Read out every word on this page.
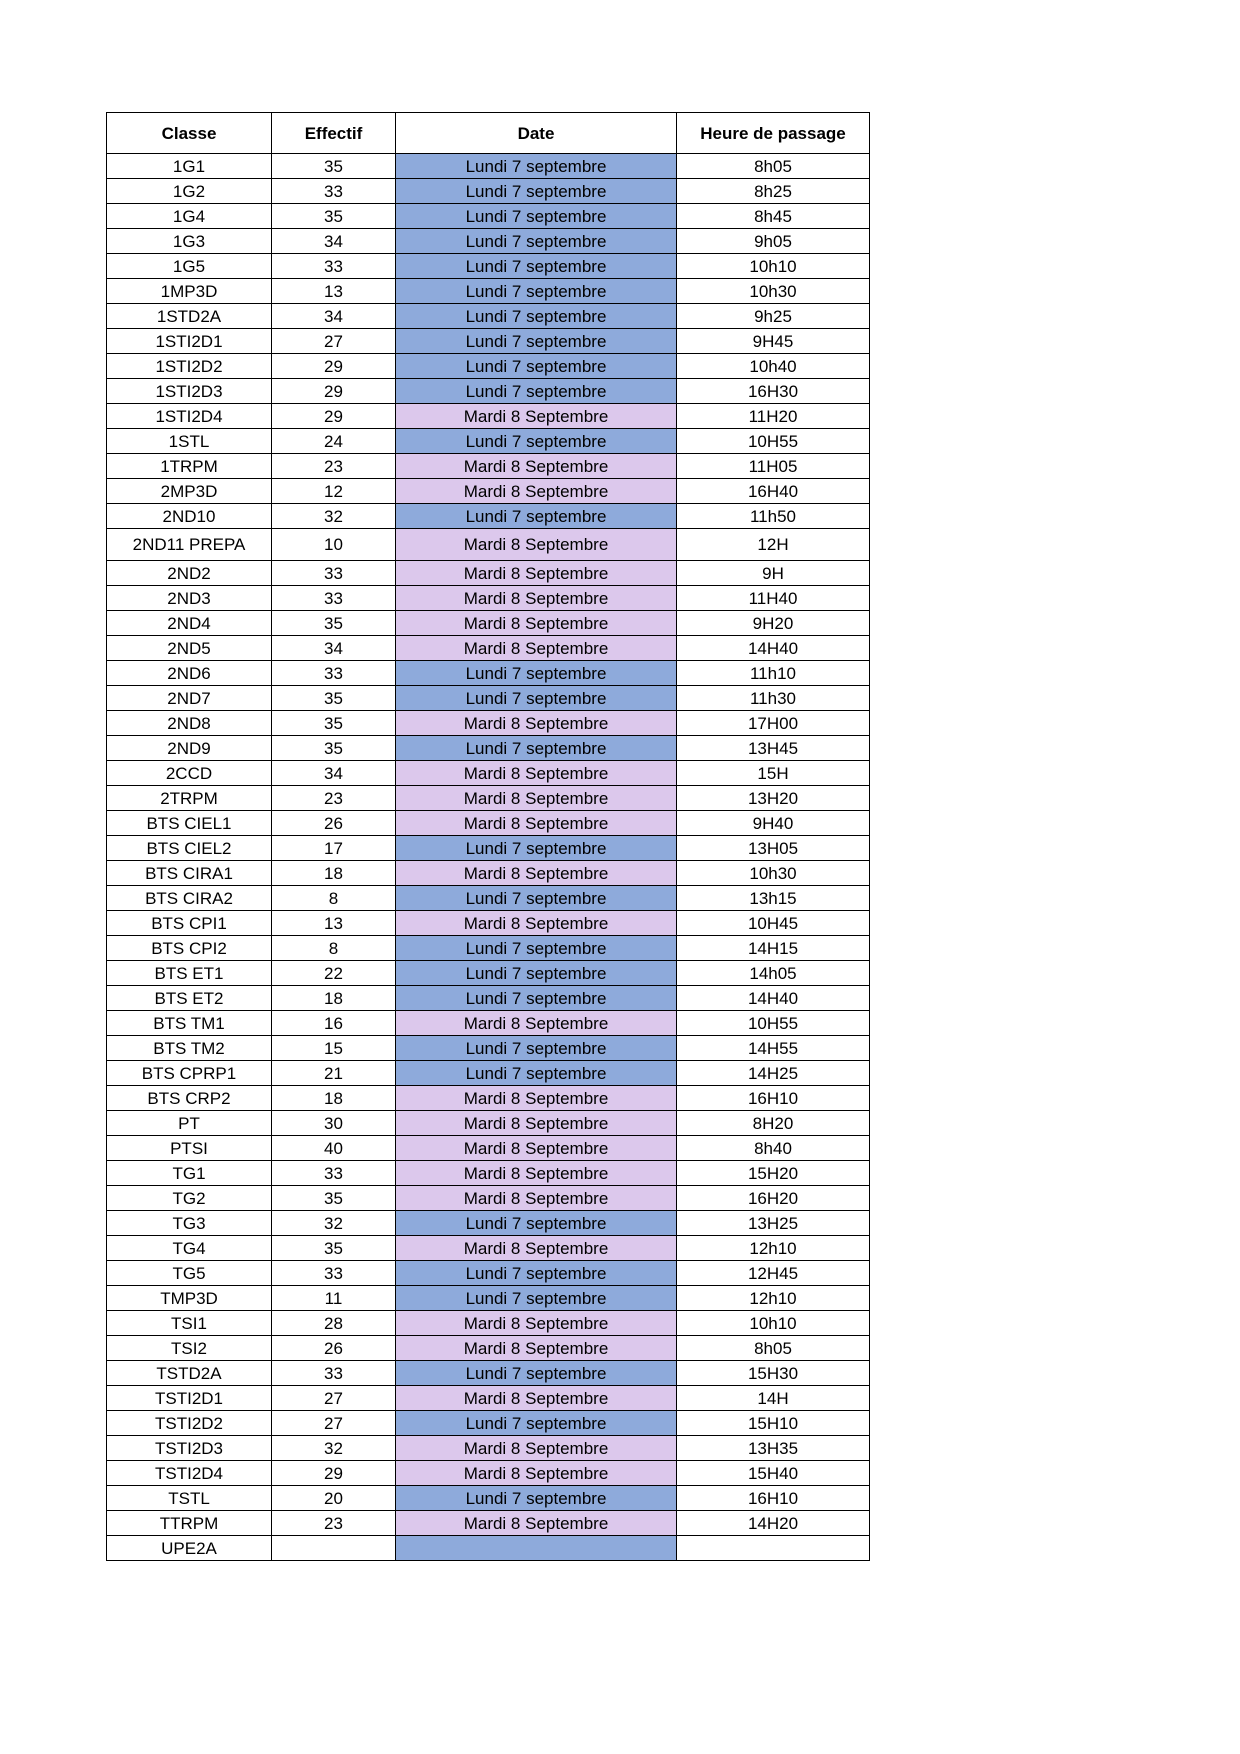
Classe	Effectif	Date	Heure de passage
1G1	35	Lundi 7 septembre	8h05
1G2	33	Lundi 7 septembre	8h25
1G4	35	Lundi 7 septembre	8h45
1G3	34	Lundi 7 septembre	9h05
1G5	33	Lundi 7 septembre	10h10
1MP3D	13	Lundi 7 septembre	10h30
1STD2A	34	Lundi 7 septembre	9h25
1STI2D1	27	Lundi 7 septembre	9H45
1STI2D2	29	Lundi 7 septembre	10h40
1STI2D3	29	Lundi 7 septembre	16H30
1STI2D4	29	Mardi 8 Septembre	11H20
1STL	24	Lundi 7 septembre	10H55
1TRPM	23	Mardi 8 Septembre	11H05
2MP3D	12	Mardi 8 Septembre	16H40
2ND10	32	Lundi 7 septembre	11h50
2ND11 PREPA	10	Mardi 8 Septembre	12H
2ND2	33	Mardi 8 Septembre	9H
2ND3	33	Mardi 8 Septembre	11H40
2ND4	35	Mardi 8 Septembre	9H20
2ND5	34	Mardi 8 Septembre	14H40
2ND6	33	Lundi 7 septembre	11h10
2ND7	35	Lundi 7 septembre	11h30
2ND8	35	Mardi 8 Septembre	17H00
2ND9	35	Lundi 7 septembre	13H45
2CCD	34	Mardi 8 Septembre	15H
2TRPM	23	Mardi 8 Septembre	13H20
BTS CIEL1	26	Mardi 8 Septembre	9H40
BTS CIEL2	17	Lundi 7 septembre	13H05
BTS CIRA1	18	Mardi 8 Septembre	10h30
BTS CIRA2	8	Lundi 7 septembre	13h15
BTS CPI1	13	Mardi 8 Septembre	10H45
BTS CPI2	8	Lundi 7 septembre	14H15
BTS ET1	22	Lundi 7 septembre	14h05
BTS ET2	18	Lundi 7 septembre	14H40
BTS TM1	16	Mardi 8 Septembre	10H55
BTS TM2	15	Lundi 7 septembre	14H55
BTS CPRP1	21	Lundi 7 septembre	14H25
BTS CRP2	18	Mardi 8 Septembre	16H10
PT	30	Mardi 8 Septembre	8H20
PTSI	40	Mardi 8 Septembre	8h40
TG1	33	Mardi 8 Septembre	15H20
TG2	35	Mardi 8 Septembre	16H20
TG3	32	Lundi 7 septembre	13H25
TG4	35	Mardi 8 Septembre	12h10
TG5	33	Lundi 7 septembre	12H45
TMP3D	11	Lundi 7 septembre	12h10
TSI1	28	Mardi 8 Septembre	10h10
TSI2	26	Mardi 8 Septembre	8h05
TSTD2A	33	Lundi 7 septembre	15H30
TSTI2D1	27	Mardi 8 Septembre	14H
TSTI2D2	27	Lundi 7 septembre	15H10
TSTI2D3	32	Mardi 8 Septembre	13H35
TSTI2D4	29	Mardi 8 Septembre	15H40
TSTL	20	Lundi 7 septembre	16H10
TTRPM	23	Mardi 8 Septembre	14H20
UPE2A			
